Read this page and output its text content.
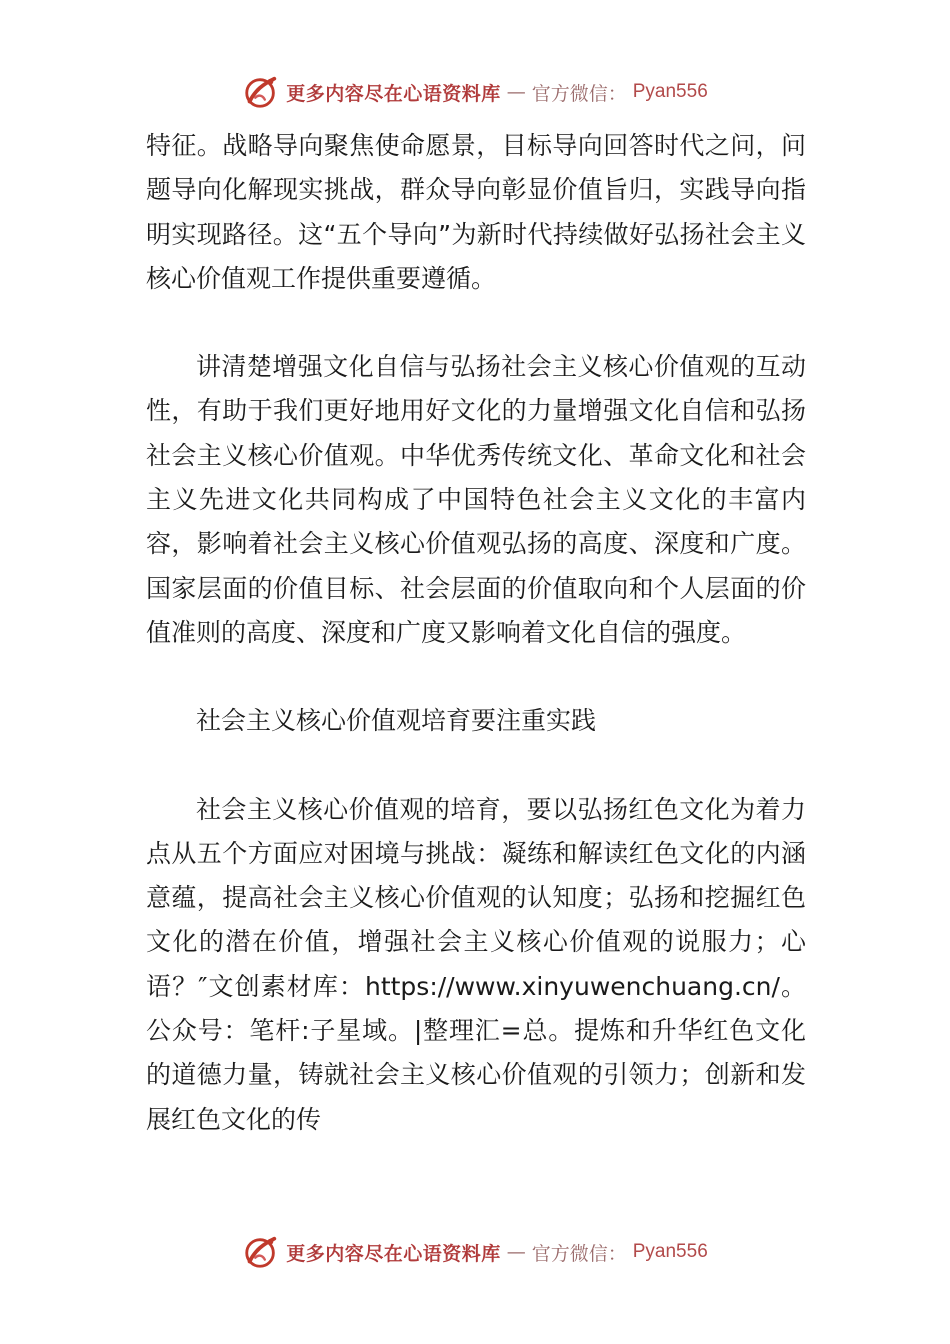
更多内容尽在心语资料库 — 官方微信： Pyan556

特征。战略导向聚焦使命愿景，目标导向回答时代之问，问题导向化解现实挑战，群众导向彰显价值旨归，实践导向指明实现路径。这“五个导向”为新时代持续做好弘扬社会主义核心价值观工作提供重要遵循。

讲清楚增强文化自信与弘扬社会主义核心价值观的互动性，有助于我们更好地用好文化的力量增强文化自信和弘扬社会主义核心价值观。中华优秀传统文化、革命文化和社会主义先进文化共同构成了中国特色社会主义文化的丰富内容，影响着社会主义核心价值观弘扬的高度、深度和广度。国家层面的价值目标、社会层面的价值取向和个人层面的价值准则的高度、深度和广度又影响着文化自信的强度。

社会主义核心价值观培育要注重实践

社会主义核心价值观的培育，要以弘扬红色文化为着力点从五个方面应对困境与挑战：凝练和解读红色文化的内涵意蕴，提高社会主义核心价值观的认知度；弘扬和挖掘红色文化的潜在价值，增强社会主义核心价值观的说服力；心语？″文创素材库：https://www.xinyuwenchuang.cn/。公众号：笔杆:子星域。|整理汇=总。提炼和升华红色文化的道德力量，铸就社会主义核心价值观的引领力；创新和发展红色文化的传

更多内容尽在心语资料库 — 官方微信： Pyan556
